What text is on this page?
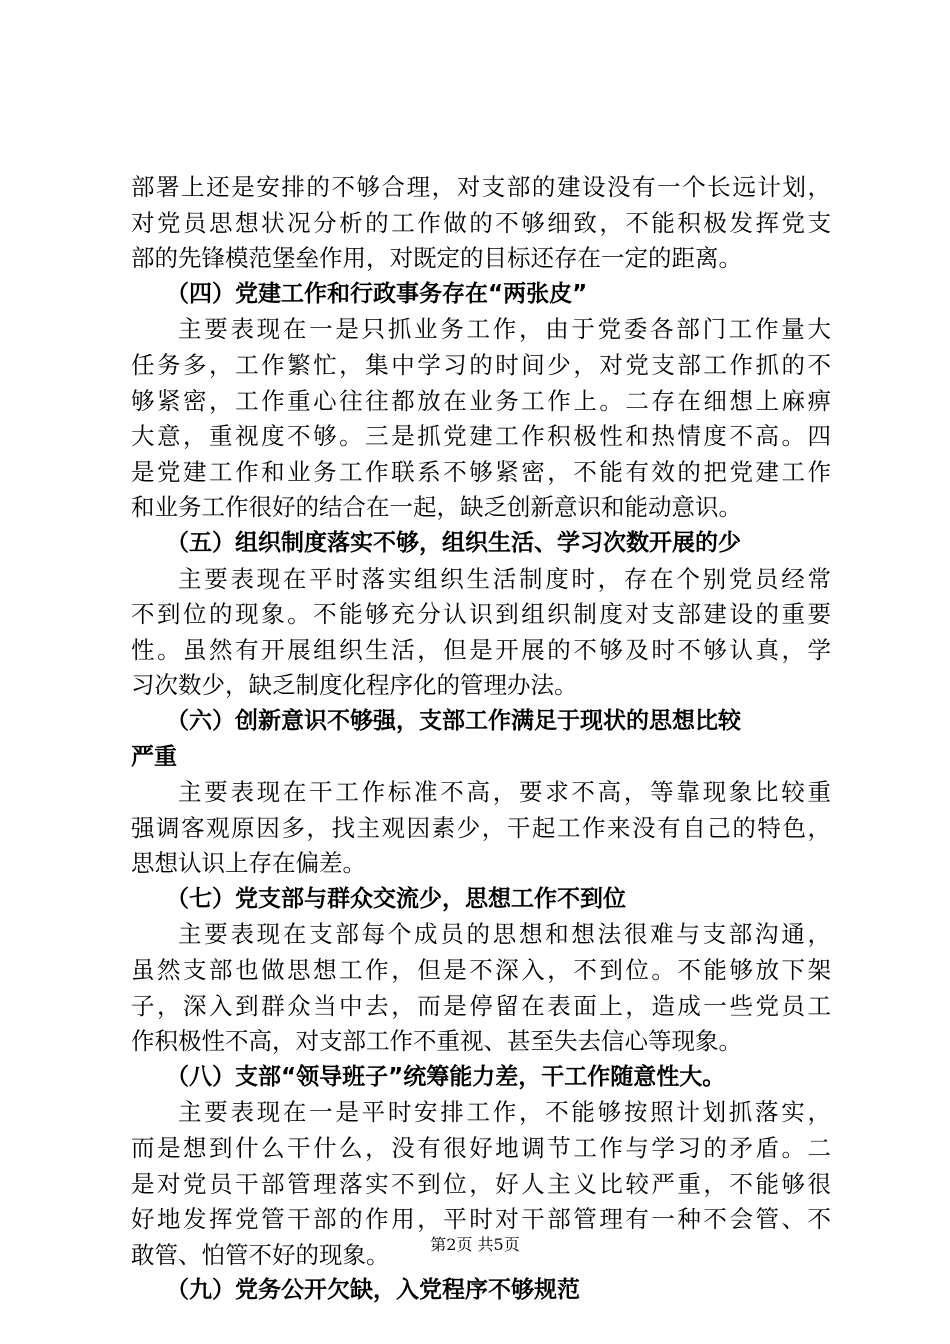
部署上还是安排的不够合理，对支部的建设没有一个长远计划，
对党员思想状况分析的工作做的不够细致，不能积极发挥党支
部的先锋模范堡垒作用，对既定的目标还存在一定的距离。
（四）党建工作和行政事务存在“两张皮”
主要表现在一是只抓业务工作，由于党委各部门工作量大
任务多，工作繁忙，集中学习的时间少，对党支部工作抓的不
够紧密，工作重心往往都放在业务工作上。二存在细想上麻痹
大意，重视度不够。三是抓党建工作积极性和热情度不高。四
是党建工作和业务工作联系不够紧密，不能有效的把党建工作
和业务工作很好的结合在一起，缺乏创新意识和能动意识。
（五）组织制度落实不够，组织生活、学习次数开展的少
主要表现在平时落实组织生活制度时，存在个别党员经常
不到位的现象。不能够充分认识到组织制度对支部建设的重要
性。虽然有开展组织生活，但是开展的不够及时不够认真，学
习次数少，缺乏制度化程序化的管理办法。
（六）创新意识不够强，支部工作满足于现状的思想比较
严重
主要表现在干工作标准不高，要求不高，等靠现象比较重
强调客观原因多，找主观因素少，干起工作来没有自己的特色，
思想认识上存在偏差。
（七）党支部与群众交流少，思想工作不到位
主要表现在支部每个成员的思想和想法很难与支部沟通，
虽然支部也做思想工作，但是不深入，不到位。不能够放下架
子，深入到群众当中去，而是停留在表面上，造成一些党员工
作积极性不高，对支部工作不重视、甚至失去信心等现象。
（八）支部“领导班子”统筹能力差，干工作随意性大。
主要表现在一是平时安排工作，不能够按照计划抓落实，
而是想到什么干什么，没有很好地调节工作与学习的矛盾。二
是对党员干部管理落实不到位，好人主义比较严重，不能够很
好地发挥党管干部的作用，平时对干部管理有一种不会管、不
敢管、怕管不好的现象。
（九）党务公开欠缺，入党程序不够规范
第2页 共5页
